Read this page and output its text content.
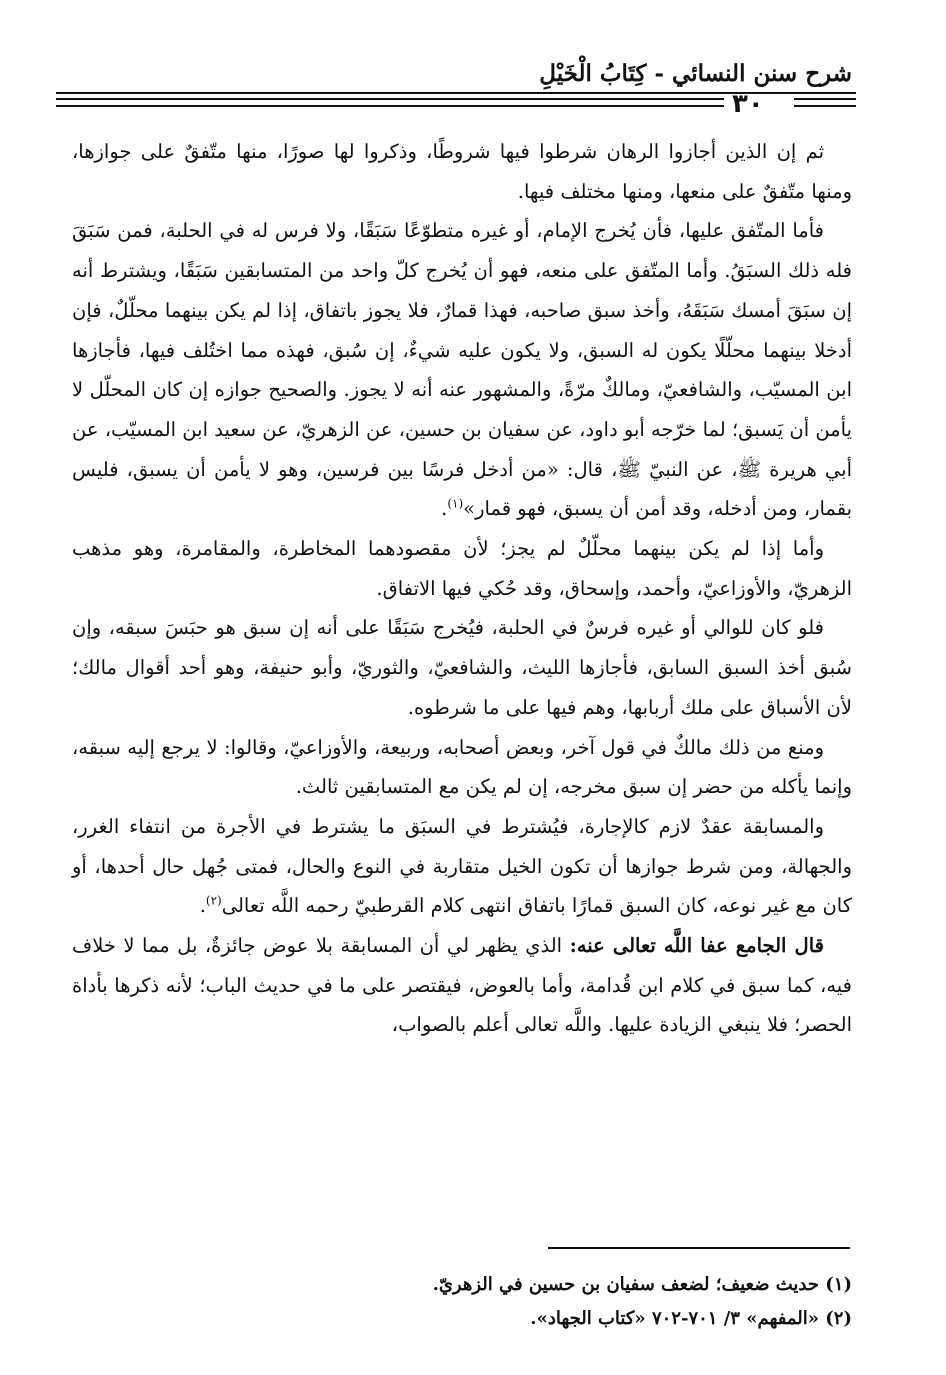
شرح سنن النسائي - كِتَابُ الْخَيْلِ
٣٠

ثم إن الذين أجازوا الرهان شرطوا فيها شروطًا، وذكروا لها صورًا، منها متّفقٌ على جوازها، ومنها متّفقٌ على منعها، ومنها مختلف فيها.

فأما المتّفق عليها، فأن يُخرج الإمام، أو غيره متطوّعًا سَبَقًا، ولا فرس له في الحلبة، فمن سَبَقَ فله ذلك السبَقُ. وأما المتّفق على منعه، فهو أن يُخرج كلّ واحد من المتسابقين سَبَقًا، ويشترط أنه إن سبَقَ أمسك سَبَقَهُ، وأخذ سبق صاحبه، فهذا قمارٌ، فلا يجوز باتفاق، إذا لم يكن بينهما محلّلٌ، فإن أدخلا بينهما محلّلًا يكون له السبق، ولا يكون عليه شيءٌ، إن سُبق، فهذه مما اختُلف فيها، فأجازها ابن المسيّب، والشافعيّ، ومالكٌ مرّةً، والمشهور عنه أنه لا يجوز. والصحيح جوازه إن كان المحلّل لا يأمن أن يَسبق؛ لما خرّجه أبو داود، عن سفيان بن حسين، عن الزهريّ، عن سعيد ابن المسيّب، عن أبي هريرة ﷺ، عن النبيّ ﷺ، قال: «من أدخل فرسًا بين فرسين، وهو لا يأمن أن يسبق، فليس بقمار، ومن أدخله، وقد أمن أن يسبق، فهو قمار»$^{(١)}$.

وأما إذا لم يكن بينهما محلّلٌ لم يجز؛ لأن مقصودهما المخاطرة، والمقامرة، وهو مذهب الزهريّ، والأوزاعيّ، وأحمد، وإسحاق، وقد حُكي فيها الاتفاق.

فلو كان للوالي أو غيره فرسٌ في الحلبة، فيُخرج سَبَقًا على أنه إن سبق هو حبَسَ سبقه، وإن سُبق أخذ السبق السابق، فأجازها الليث، والشافعيّ، والثوريّ، وأبو حنيفة، وهو أحد أقوال مالك؛ لأن الأسباق على ملك أربابها، وهم فيها على ما شرطوه.

ومنع من ذلك مالكٌ في قول آخر، وبعض أصحابه، وربيعة، والأوزاعيّ، وقالوا: لا يرجع إليه سبقه، وإنما يأكله من حضر إن سبق مخرجه، إن لم يكن مع المتسابقين ثالث.

والمسابقة عقدٌ لازم كالإجارة، فيُشترط في السبَق ما يشترط في الأجرة من انتفاء الغرر، والجهالة، ومن شرط جوازها أن تكون الخيل متقاربة في النوع والحال، فمتى جُهل حال أحدها، أو كان مع غير نوعه، كان السبق قمارًا باتفاق انتهى كلام القرطبيّ رحمه اللَّه تعالى$^{(٢)}$.

قال الجامع عفا اللَّه تعالى عنه: الذي يظهر لي أن المسابقة بلا عوض جائزةٌ، بل مما لا خلاف فيه، كما سبق في كلام ابن قُدامة، وأما بالعوض، فيقتصر على ما في حديث الباب؛ لأنه ذكرها بأداة الحصر؛ فلا ينبغي الزيادة عليها. واللَّه تعالى أعلم بالصواب،

(١) حديث ضعيف؛ لضعف سفيان بن حسين في الزهريّ.

(٢) «المفهم» ٣/ ٧٠١-٧٠٢ «كتاب الجهاد».
